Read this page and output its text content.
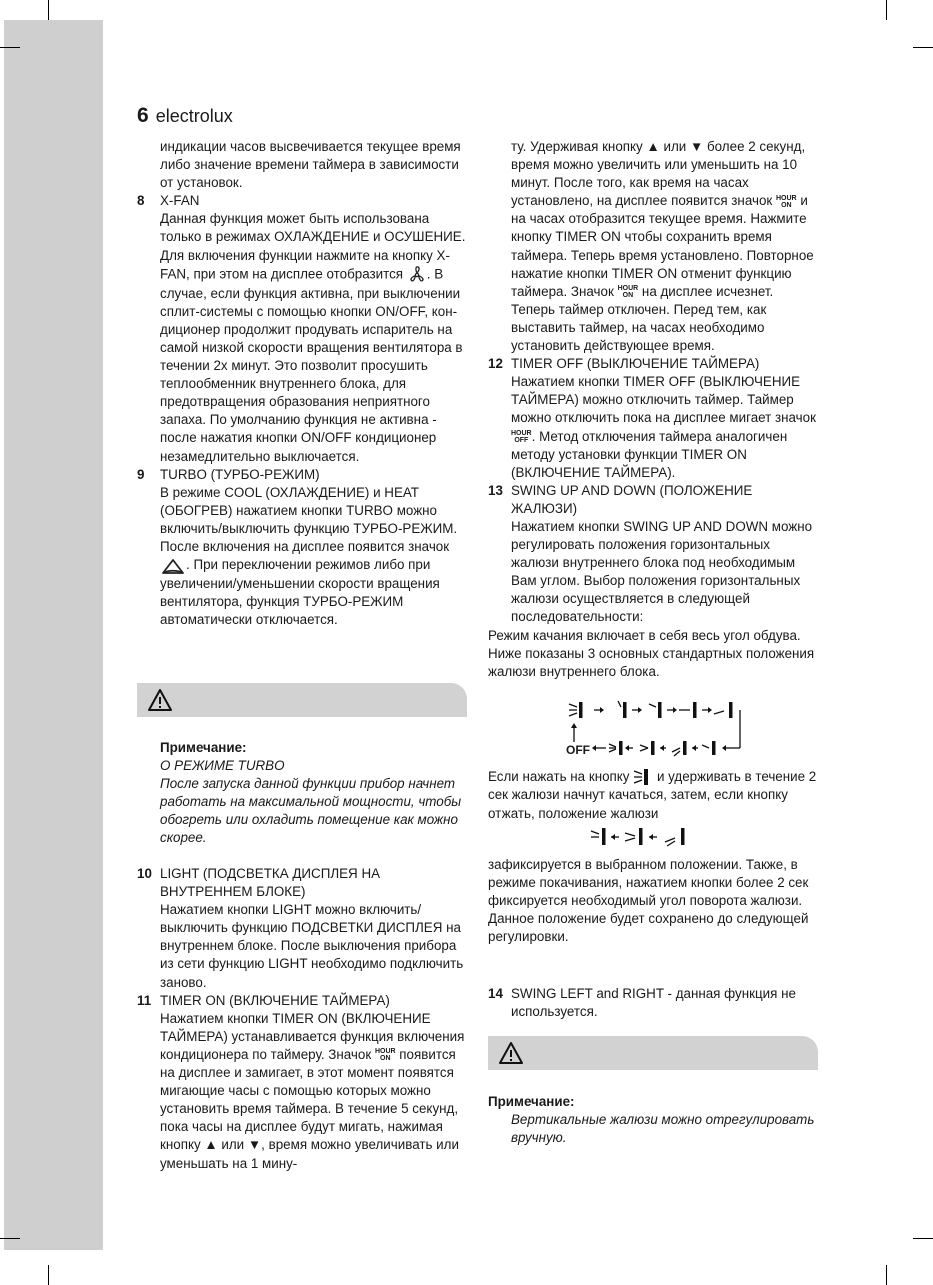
6 electrolux

индикации часов высвечивается текущее время либо значение времени таймера в зависимости от установок.

8	X-FAN

Данная функция может быть использована только в режимах ОХЛАЖДЕНИЕ и ОСУШЕНИЕ. Для включения функции нажмите на кнопку X-FAN, при этом на дисплее отобразится . В случае, если функция активна, при выключении сплит-системы с помощью кнопки ON/OFF, кондиционер продолжит продувать испаритель на самой низкой скорости вращения вентилятора в течении 2х минут. Это позволит просушить теплообменник внутреннего блока, для предотвращения образования неприятного запаха. По умолчанию функция не активна - после нажатия кнопки ON/OFF кондиционер незамедлительно выключается.

9	TURBO (ТУРБО-РЕЖИМ)

В режиме COOL (ОХЛАЖДЕНИЕ) и HEAT (ОБОГРЕВ) нажатием кнопки TURBO можно включить/выключить функцию ТУРБО-РЕЖИМ. После включения на дисплее появится значок . При переключении режимов либо при увеличении/уменьшении скорости вращения вентилятора, функция ТУРБО-РЕЖИМ автоматически отключается.

Примечание:

О РЕЖИМЕ TURBO

После запуска данной функции прибор начнет работать на максимальной мощности, чтобы обогреть или охладить помещение как можно скорее.

10 LIGHT (ПОДСВЕТКА ДИСПЛЕЯ НА ВНУТРЕННЕМ БЛОКЕ)

Нажатием кнопки LIGHT можно включить/выключить функцию ПОДСВЕТКИ ДИСПЛЕЯ на внутреннем блоке. После выключения прибора из сети функцию LIGHT необходимо подключить заново.

11 TIMER ON (ВКЛЮЧЕНИЕ ТАЙМЕРА)

Нажатием кнопки TIMER ON (ВКЛЮЧЕНИЕ ТАЙМЕРА) устанавливается функция включения кондиционера по таймеру. Значок HOUR
ON появится на дисплее и замигает, в этот момент появятся мигающие часы с помощью которых можно установить время таймера. В течение 5 секунд, пока часы на дисплее будут мигать, нажимая кнопку ▲ или ▼, время можно увеличивать или уменьшать на 1 мину-

ту. Удерживая кнопку ▲ или ▼ более 2 секунд, время можно увеличить или уменьшить на 10 минут. После того, как время на часах установлено, на дисплее появится значок HOUR
ON и на часах отобразится текущее время. Нажмите кнопку TIMER ON чтобы сохранить время таймера. Теперь время установлено. Повторное нажатие кнопки TIMER ON отменит функцию таймера. Значок HOUR
ON на дисплее исчезнет. Теперь таймер отключен. Перед тем, как выставить таймер, на часах необходимо установить действующее время.

12 TIMER OFF (ВЫКЛЮЧЕНИЕ ТАЙМЕРА)

Нажатием кнопки TIMER OFF (ВЫКЛЮЧЕНИЕ ТАЙМЕРА) можно отключить таймер. Таймер можно отключить пока на дисплее мигает значок
HOUR
OFF . Метод отключения таймера аналогичен методу установки функции TIMER ON (ВКЛЮЧЕНИЕ ТАЙМЕРА).

13 SWING UP AND DOWN (ПОЛОЖЕНИЕ ЖАЛЮЗИ)

Нажатием кнопки SWING UP AND DOWN можно регулировать положения горизонтальных жалюзи внутреннего блока под необходимым Вам углом. Выбор положения горизонтальных жалюзи осуществляется в следующей последовательности:

Режим качания включает в себя весь угол обдува. Ниже показаны 3 основных стандартных положения жалюзи внутреннего блока.

OFF

Если нажать на кнопку и удерживать в течение 2 сек жалюзи начнут качаться, затем, если кнопку отжать, положение жалюзи

зафиксируется в выбранном положении. Также, в режиме покачивания, нажатием кнопки более 2 сек фиксируется необходимый угол поворота жалюзи. Данное положение будет сохранено до следующей регулировки.

14 SWING LEFT and RIGHT - данная функция не используется.

Примечание:

Вертикальные жалюзи можно отрегулировать вручную.
